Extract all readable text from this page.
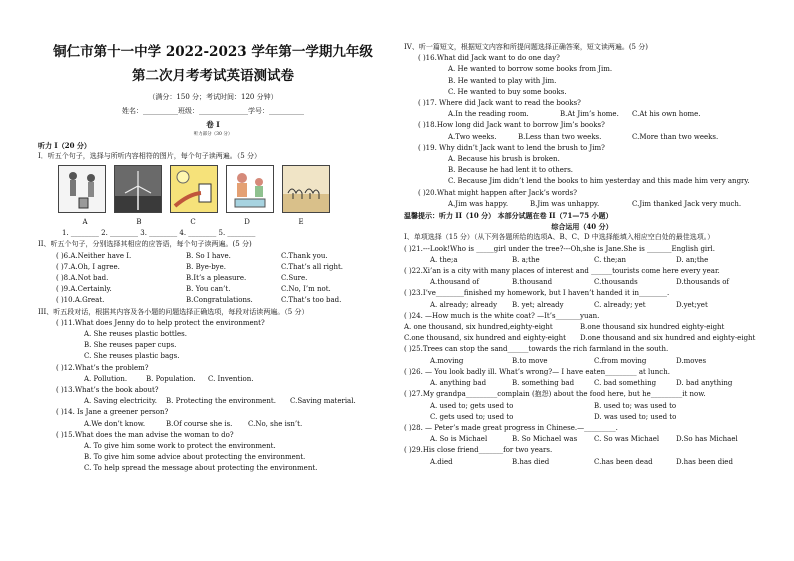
铜仁市第十一中学 2022-2023 学年第一学期九年级
第二次月考考试英语测试卷
（满分：150 分；考试时间：120 分钟）
姓名：__________班级：______________学号：__________
卷 I
听力部分（30 分）
听力 I（20 分）
I．听五个句子，选择与所听内容相符的图片，每个句子读两遍。（5 分）
A	B	C	D	E
1. ________ 2. ________ 3. ________ 4. ________ 5. ________
II、听五个句子，分别选择其相应的应答语，每个句子读两遍。(5 分)
( )6.A.Neither have I.	B. So I have.	C.Thank you.
( )7.A.Oh, I agree.	B. Bye-bye.	C.That’s all right.
( )8.A.Not bad.	B.It’s a pleasure.	C.Sure.
( )9.A.Certainly.	B. You can’t.	C.No, I’m not.
( )10.A.Great.	B.Congratulations.	C.That’s too bad.
III、听五段对话，根据其内容及各小题的问题选择正确选项，每段对话读两遍。（5 分）
( )11.What does Jenny do to help protect the environment?
A. She reuses plastic bottles.
B. She reuses paper cups.
C. She reuses plastic bags.
( )12.What’s the problem?
A. Pollution.	B. Population.	C. Invention.
( )13.What’s the book about?
A. Saving electricity.	B. Protecting the environment.	C.Saving material.
( )14. Is Jane a greener person?
A.We don’t know.	B.Of course she is.	C.No, she isn’t.
( )15.What does the man advise the woman to do?
A. To give him some work to protect the environment.
B. To give him some advice about protecting the environment.
C. To help spread the message about protecting the environment.
IV、听一篇短文，根据短文内容和所提问题选择正确答案，短文读两遍。(5 分)
( )16.What did Jack want to do one day?
A. He wanted to borrow some books from Jim.
B. He wanted to play with Jim.
C. He wanted to buy some books.
( )17. Where did Jack want to read the books?
A.In the reading room.	B.At Jim’s home.	C.At his own home.
( )18.How long did Jack want to borrow Jim’s books?
A.Two weeks.	B.Less than two weeks.	C.More than two weeks.
( )19. Why didn’t Jack want to lend the brush to Jim?
A. Because his brush is broken.
B. Because he had lent it to others.
C. Because Jim didn’t lend the books to him yesterday and this made him very angry.
( )20.What might happen after Jack’s words?
A.Jim was happy.	B.Jim was unhappy.	C.Jim thanked Jack very much.
温馨提示：听力 II（10 分） 本部分试题在卷 II（71—75 小题）
综合运用（40 分）
I、单项选择（15 分）（从下列各题所给的选项A、B、C、D 中选择能填入相应空白处的最佳选项。）
( )21.---Look!Who is _____girl under the tree?---Oh,she is Jane.She is _______English girl.
A. the;a	B. a;the	C. the;an	D. an;the
( )22.Xi’an is a city with many places of interest and ______tourists come here every year.
A.thousand of	B.thousand	C.thousands	D.thousands of
( )23.I’ve________finished my homework, but I haven’t handed it in________.
A. already; already	B. yet; already	C. already; yet	D.yet;yet
( )24. —How much is the white coat? —It’s_______yuan.
A. one thousand, six hundred,eighty-eight	B.one thousand six hundred eighty-eight
C.one thousand, six hundred and eighty-eight	D.one thousand and six hundred and eighty-eight
( )25.Trees can stop the sand______towards the rich farmland in the south.
A.moving	B.to move	C.from moving	D.moves
( )26. — You look badly ill. What’s wrong?— I have eaten_________ at lunch.
A. anything bad	B. something bad	C. bad something	D. bad anything
( )27.My grandpa_________complain (抱怨) about the food here, but he_________it now.
A. used to; gets used to	B. used to; was used to
C. gets used to; used to	D. was used to; used to
( )28. — Peter’s made great progress in Chinese.—_________.
A. So is Michael	B. So Michael was	C. So was Michael	D.So has Michael
( )29.His close friend_______for two years.
A.died	B.has died	C.has been dead	D.has been died
